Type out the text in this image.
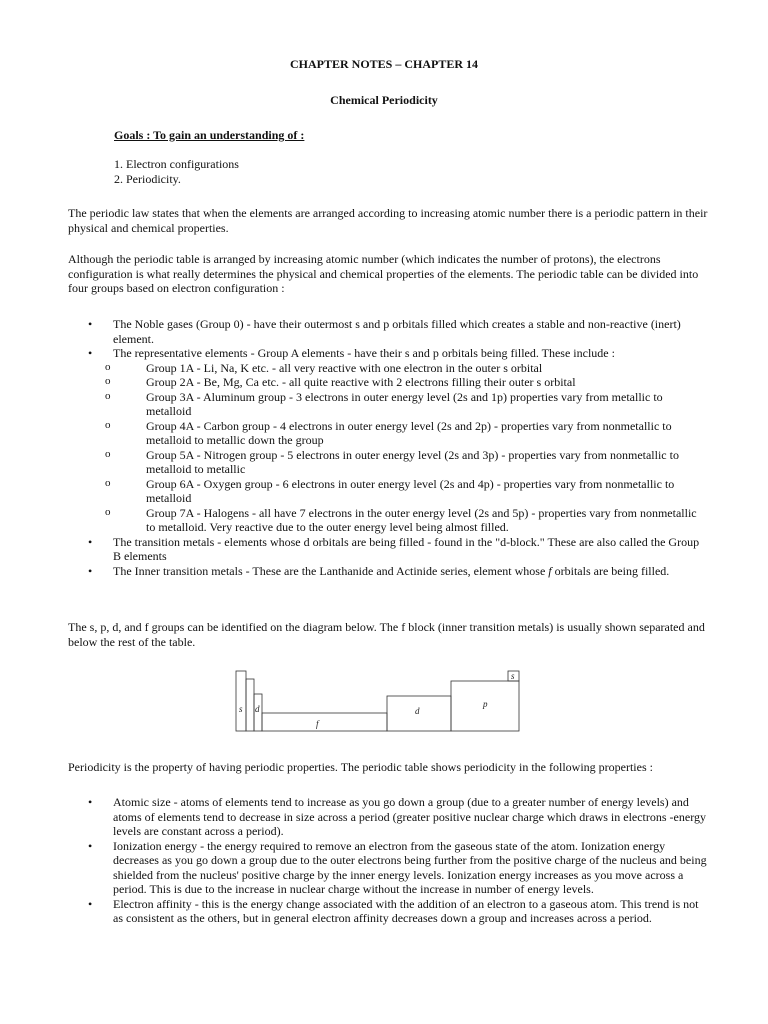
CHAPTER NOTES – CHAPTER 14
Chemical Periodicity
Goals : To gain an understanding of :
1. Electron configurations
2. Periodicity.
The periodic law states that when the elements are arranged according to increasing atomic number there is a periodic pattern in their physical and chemical properties.
Although the periodic table is arranged by increasing atomic number (which indicates the number of protons), the electrons configuration is what really determines the physical and chemical properties of the elements. The periodic table can be divided into four groups based on electron configuration :
• The Noble gases (Group 0) - have their outermost s and p orbitals filled which creates a stable and non-reactive (inert) element.
• The representative elements - Group A elements - have their s and p orbitals being filled. These include :
o	Group 1A - Li, Na, K etc. - all very reactive with one electron in the outer s orbital
o	Group 2A - Be, Mg, Ca etc. - all quite reactive with 2 electrons filling their outer s orbital
o	Group 3A - Aluminum group - 3 electrons in outer energy level (2s and 1p) properties vary from metallic to metalloid
o	Group 4A - Carbon group - 4 electrons in outer energy level (2s and 2p) - properties vary from nonmetallic to metalloid to metallic down the group
o	Group 5A - Nitrogen group - 5 electrons in outer energy level (2s and 3p) - properties vary from nonmetallic to metalloid to metallic
o	Group 6A - Oxygen group - 6 electrons in outer energy level (2s and 4p) - properties vary from nonmetallic to metalloid
o	Group 7A - Halogens - all have 7 electrons in the outer energy level (2s and 5p) - properties vary from nonmetallic to metalloid. Very reactive due to the outer energy level being almost filled.
• The transition metals - elements whose d orbitals are being filled - found in the "d-block." These are also called the Group B elements
• The Inner transition metals - These are the Lanthanide and Actinide series, element whose f orbitals are being filled.
The s, p, d, and f groups can be identified on the diagram below. The f block (inner transition metals) is usually shown separated and below the rest of the table.
s
s d
f
d
p
Periodicity is the property of having periodic properties. The periodic table shows periodicity in the following properties :
• Atomic size - atoms of elements tend to increase as you go down a group (due to a greater number of energy levels) and atoms of elements tend to decrease in size across a period (greater positive nuclear charge which draws in electrons -energy levels are constant across a period).
• Ionization energy - the energy required to remove an electron from the gaseous state of the atom. Ionization energy decreases as you go down a group due to the outer electrons being further from the positive charge of the nucleus and being shielded from the nucleus' positive charge by the inner energy levels. Ionization energy increases as you move across a period. This is due to the increase in nuclear charge without the increase in number of energy levels.
• Electron affinity - this is the energy change associated with the addition of an electron to a gaseous atom. This trend is not as consistent as the others, but in general electron affinity decreases down a group and increases across a period.
